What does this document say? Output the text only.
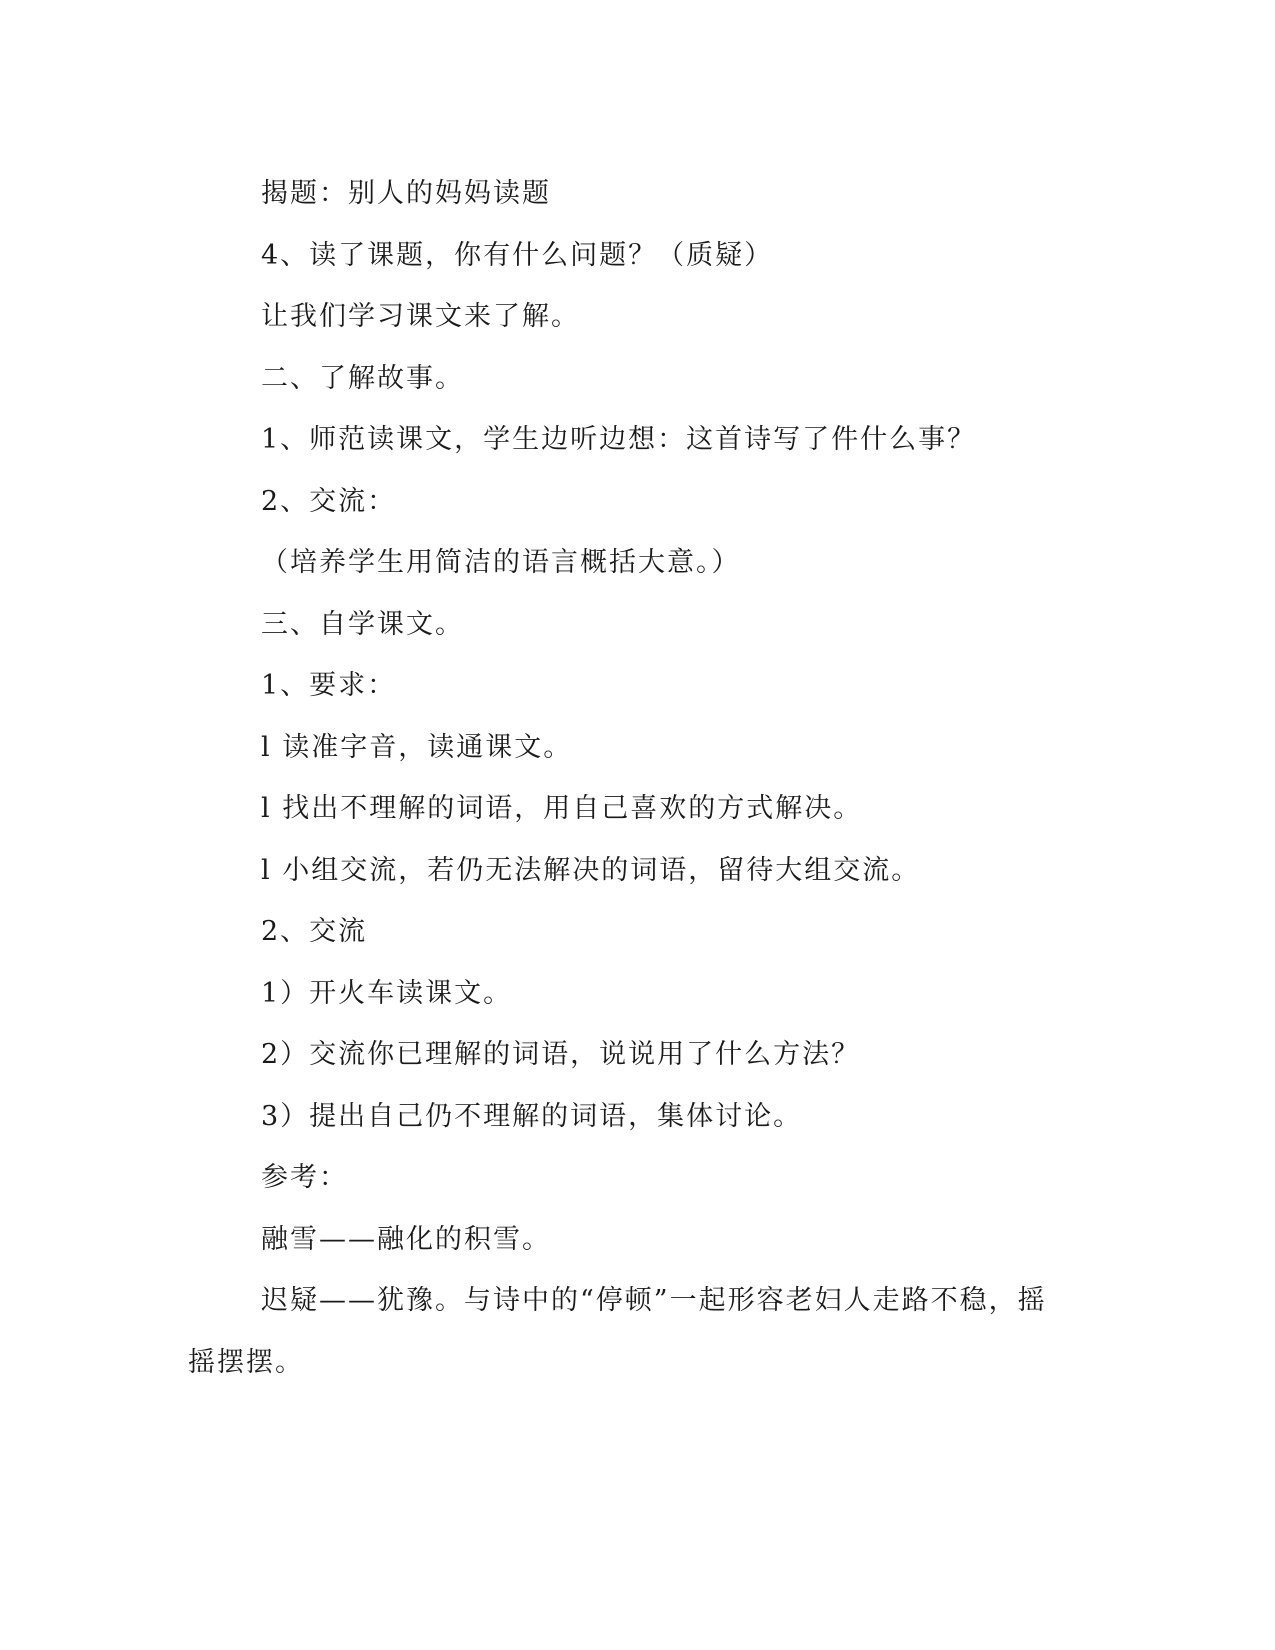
揭题：别人的妈妈读题

4、读了课题，你有什么问题？（质疑）

让我们学习课文来了解。

二、了解故事。

1、师范读课文，学生边听边想：这首诗写了件什么事？

2、交流：

（培养学生用简洁的语言概括大意。）

三、自学课文。

1、要求：

l 读准字音，读通课文。

l 找出不理解的词语，用自己喜欢的方式解决。

l 小组交流，若仍无法解决的词语，留待大组交流。

2、交流

1）开火车读课文。

2）交流你已理解的词语，说说用了什么方法？

3）提出自己仍不理解的词语，集体讨论。

参考：

融雪——融化的积雪。

迟疑——犹豫。与诗中的“停顿”一起形容老妇人走路不稳，摇摇摆摆。
